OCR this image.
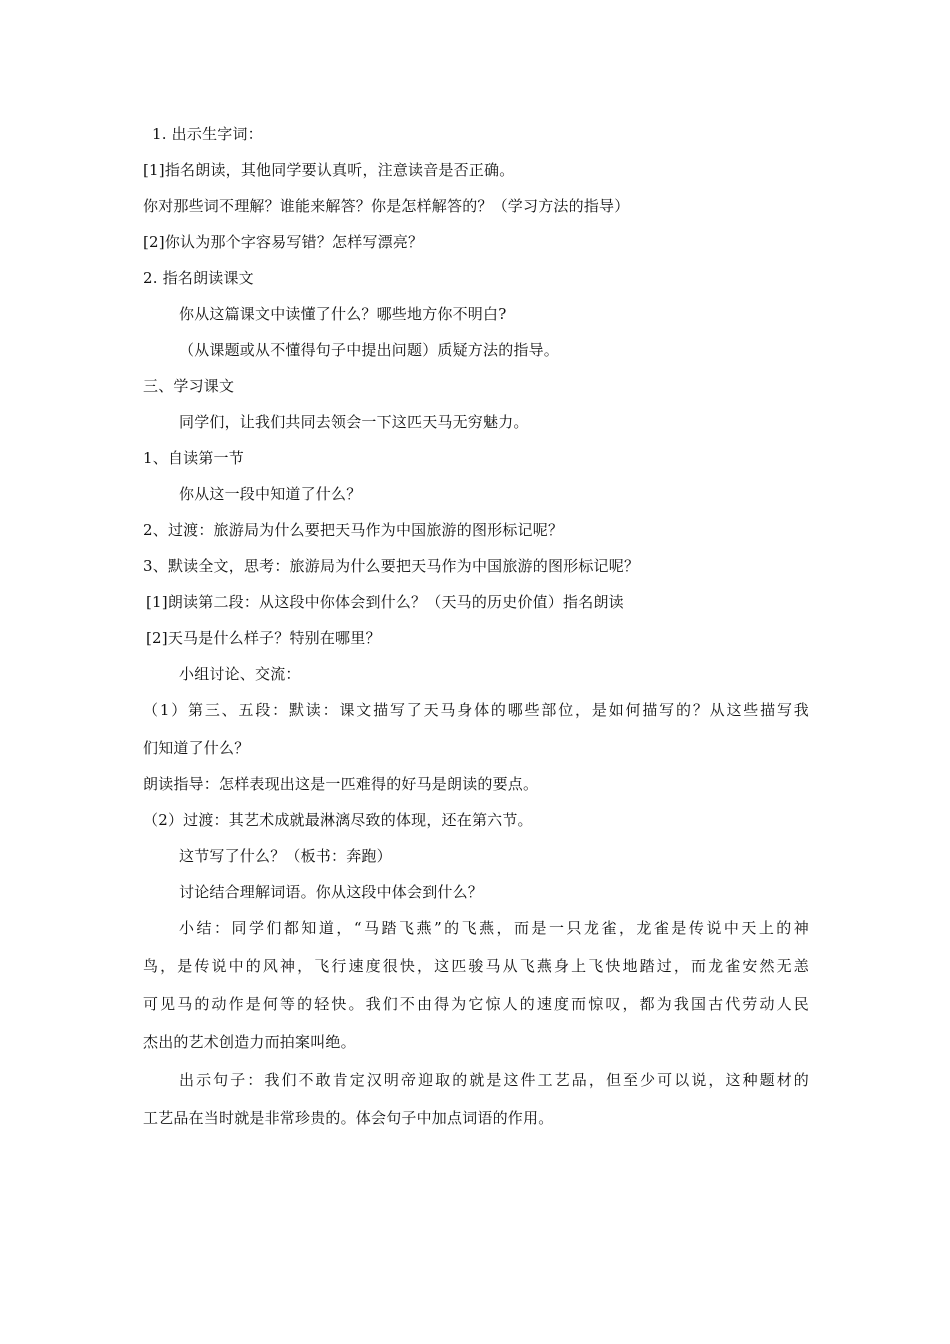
1. 出示生字词：

[1]指名朗读，其他同学要认真听，注意读音是否正确。

你对那些词不理解？谁能来解答？你是怎样解答的？（学习方法的指导）

[2]你认为那个字容易写错？怎样写漂亮？

2. 指名朗读课文

你从这篇课文中读懂了什么？哪些地方你不明白?

（从课题或从不懂得句子中提出问题）质疑方法的指导。

三、学习课文

同学们，让我们共同去领会一下这匹天马无穷魅力。

1、自读第一节

你从这一段中知道了什么？

2、过渡：旅游局为什么要把天马作为中国旅游的图形标记呢？

3、默读全文，思考：旅游局为什么要把天马作为中国旅游的图形标记呢？

[1]朗读第二段：从这段中你体会到什么？（天马的历史价值）指名朗读

[2]天马是什么样子？特别在哪里？

小组讨论、交流：

（1）第三、五段：默读：课文描写了天马身体的哪些部位，是如何描写的？从这些描写我

们知道了什么？

朗读指导：怎样表现出这是一匹难得的好马是朗读的要点。

（2）过渡：其艺术成就最淋漓尽致的体现，还在第六节。

这节写了什么？（板书：奔跑）

讨论结合理解词语。你从这段中体会到什么？

小结：同学们都知道，“马踏飞燕”的飞燕，而是一只龙雀，龙雀是传说中天上的神

鸟，是传说中的风神，飞行速度很快，这匹骏马从飞燕身上飞快地踏过，而龙雀安然无恙

可见马的动作是何等的轻快。我们不由得为它惊人的速度而惊叹，都为我国古代劳动人民

杰出的艺术创造力而拍案叫绝。

出示句子：我们不敢肯定汉明帝迎取的就是这件工艺品，但至少可以说，这种题材的

工艺品在当时就是非常珍贵的。体会句子中加点词语的作用。
